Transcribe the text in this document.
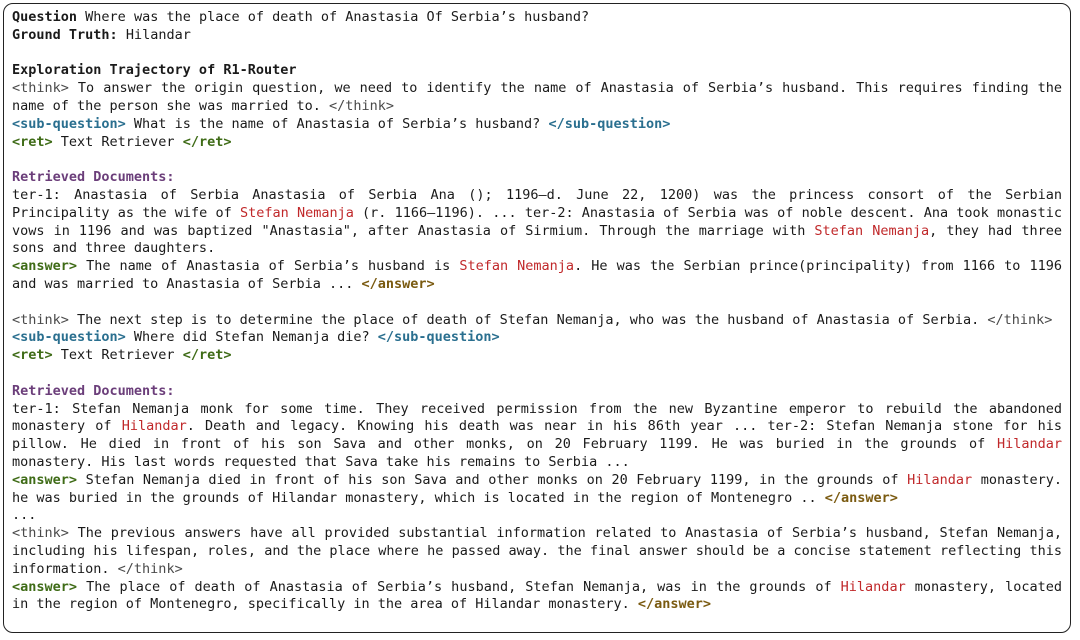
Question Where was the place of death of Anastasia Of Serbia’s husband?
Ground Truth: Hilandar
Exploration Trajectory of R1-Router
<think> To answer the origin question, we need to identify the name of Anastasia of Serbia’s husband. This requires finding the name of the person she was married to. </think>
<sub-question> What is the name of Anastasia of Serbia’s husband? </sub-question>
<ret> Text Retriever </ret>
Retrieved Documents:
ter-1: Anastasia of Serbia Anastasia of Serbia Ana (); 1196–d. June 22, 1200) was the princess consort of the Serbian Principality as the wife of Stefan Nemanja (r. 1166–1196). ... ter-2: Anastasia of Serbia was of noble descent. Ana took monastic vows in 1196 and was baptized "Anastasia", after Anastasia of Sirmium. Through the marriage with Stefan Nemanja, they had three sons and three daughters.
<answer> The name of Anastasia of Serbia’s husband is Stefan Nemanja. He was the Serbian prince(principality) from 1166 to 1196 and was married to Anastasia of Serbia ... </answer>
<think> The next step is to determine the place of death of Stefan Nemanja, who was the husband of Anastasia of Serbia. </think>
<sub-question> Where did Stefan Nemanja die? </sub-question>
<ret> Text Retriever </ret>
Retrieved Documents:
ter-1: Stefan Nemanja monk for some time. They received permission from the new Byzantine emperor to rebuild the abandoned monastery of Hilandar. Death and legacy. Knowing his death was near in his 86th year ... ter-2: Stefan Nemanja stone for his pillow. He died in front of his son Sava and other monks, on 20 February 1199. He was buried in the grounds of Hilandar monastery. His last words requested that Sava take his remains to Serbia ...
<answer> Stefan Nemanja died in front of his son Sava and other monks on 20 February 1199, in the grounds of Hilandar monastery. he was buried in the grounds of Hilandar monastery, which is located in the region of Montenegro .. </answer>
...
<think> The previous answers have all provided substantial information related to Anastasia of Serbia’s husband, Stefan Nemanja, including his lifespan, roles, and the place where he passed away. the final answer should be a concise statement reflecting this information. </think>
<answer> The place of death of Anastasia of Serbia’s husband, Stefan Nemanja, was in the grounds of Hilandar monastery, located in the region of Montenegro, specifically in the area of Hilandar monastery. </answer>
